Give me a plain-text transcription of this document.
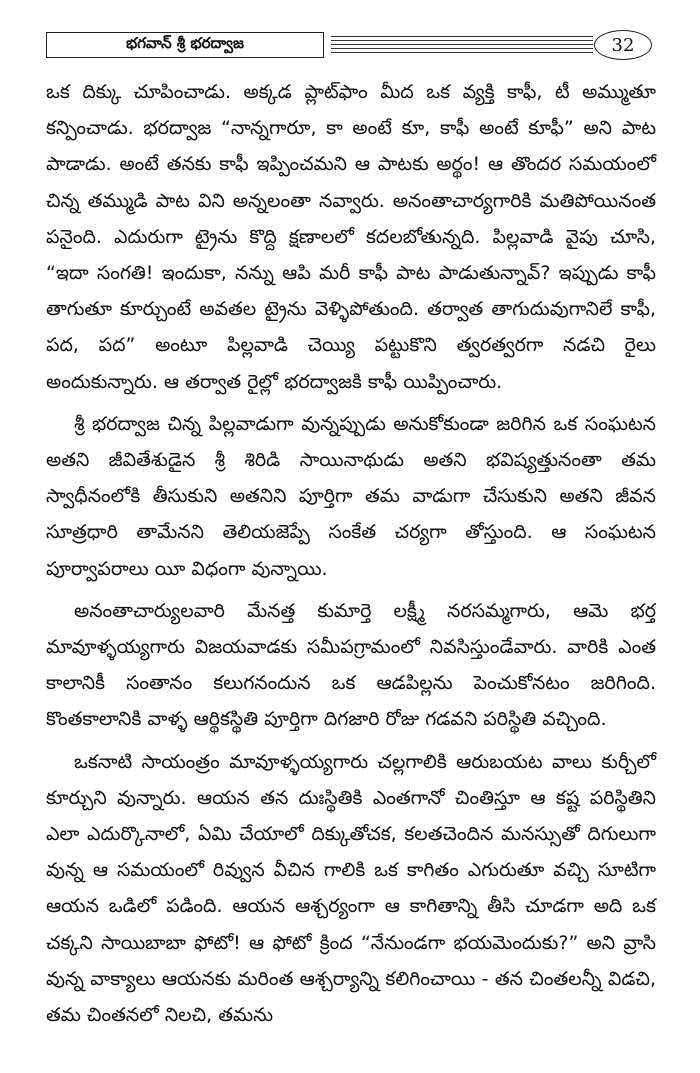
భగవాన్ శ్రీ భరద్వాజ	32

ఒక దిక్కు చూపించాడు. అక్కడ ప్లాట్‌ఫాం మీద ఒక వ్యక్తి కాఫీ, టీ అమ్ముతూ కన్పించాడు. భరద్వాజ “నాన్నగారూ, కా అంటే కూ, కాఫీ అంటే కూఫీ” అని పాట పాడాడు. అంటే తనకు కాఫీ ఇప్పించమని ఆ పాటకు అర్థం! ఆ తొందర సమయంలో చిన్న తమ్ముడి పాట విని అన్నలంతా నవ్వారు. అనంతాచార్యగారికి మతిపోయినంత పనైంది. ఎదురుగా ట్రైను కొద్ది క్షణాలలో కదలబోతున్నది. పిల్లవాడి వైపు చూసి, “ఇదా సంగతి! ఇందుకా, నన్ను ఆపి మరీ కాఫీ పాట పాడుతున్నావ్? ఇప్పుడు కాఫీ తాగుతూ కూర్చుంటే అవతల ట్రైను వెళ్ళిపోతుంది. తర్వాత తాగుదువుగానిలే కాఫీ, పద, పద” అంటూ పిల్లవాడి చెయ్యి పట్టుకొని త్వరత్వరగా నడచి రైలు అందుకున్నారు. ఆ తర్వాత రైల్లో భరద్వాజకి కాఫీ యిప్పించారు.

శ్రీ భరద్వాజ చిన్న పిల్లవాడుగా వున్నప్పుడు అనుకోకుండా జరిగిన ఒక సంఘటన అతని జీవితేశుడైన శ్రీ శిరిడి సాయినాథుడు అతని భవిష్యత్తునంతా తమ స్వాధీనంలోకి తీసుకుని అతనిని పూర్తిగా తమ వాడుగా చేసుకుని అతని జీవన సూత్రధారి తామేనని తెలియజెప్పే సంకేత చర్యగా తోస్తుంది. ఆ సంఘటన పూర్వాపరాలు యీ విధంగా వున్నాయి.

అనంతాచార్యులవారి మేనత్త కుమార్తె లక్ష్మీ నరసమ్మగారు, ఆమె భర్త మావూళ్ళయ్యగారు విజయవాడకు సమీపగ్రామంలో నివసిస్తుండేవారు. వారికి ఎంత కాలానికీ సంతానం కలుగనందున ఒక ఆడపిల్లను పెంచుకోనటం జరిగింది. కొంతకాలానికి వాళ్ళ ఆర్థికస్థితి పూర్తిగా దిగజారి రోజు గడవని పరిస్థితి వచ్చింది.

ఒకనాటి సాయంత్రం మావూళ్ళయ్యగారు చల్లగాలికి ఆరుబయట వాలు కుర్చీలో కూర్చుని వున్నారు. ఆయన తన దుఃస్థితికి ఎంతగానో చింతిస్తూ ఆ కష్ట పరిస్థితిని ఎలా ఎదుర్కొనాలో, ఏమి చేయాలో దిక్కుతోచక, కలతచెందిన మనస్సుతో దిగులుగా వున్న ఆ సమయంలో రివ్వున వీచిన గాలికి ఒక కాగితం ఎగురుతూ వచ్చి సూటిగా ఆయన ఒడిలో పడింది. ఆయన ఆశ్చర్యంగా ఆ కాగితాన్ని తీసి చూడగా అది ఒక చక్కని సాయిబాబా ఫోటో! ఆ ఫోటో క్రింద “నేనుండగా భయమెందుకు?” అని వ్రాసి వున్న వాక్యాలు ఆయనకు మరింత ఆశ్చర్యాన్ని కలిగించాయి - తన చింతలన్నీ విడచి, తమ చింతనలో నిలచి, తమను
